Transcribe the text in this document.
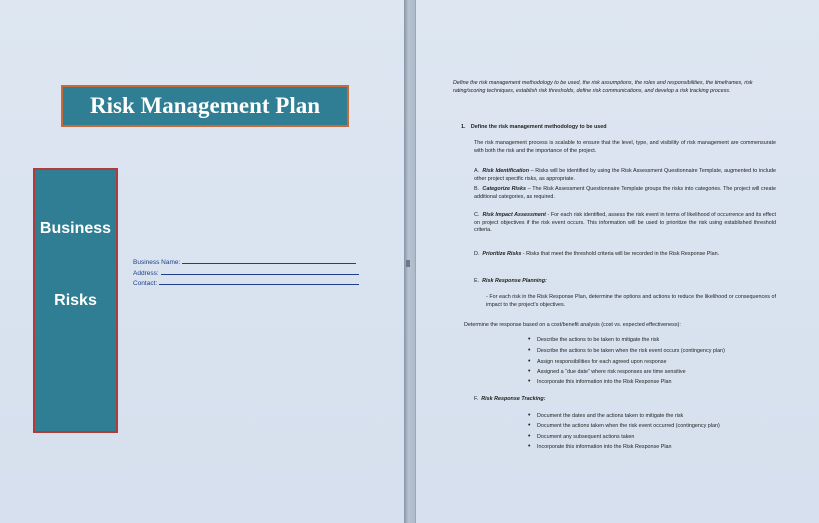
Risk Management Plan
Business
Risks
Business Name:
Address:
Contact:
Define the risk management methodology to be used, the risk assumptions, the roles and responsibilities, the timeframes, risk rating/scoring techniques, establish risk thresholds, define risk communications, and develop a risk tracking process.
1. Define the risk management methodology to be used
The risk management process is scalable to ensure that the level, type, and visibility of risk management are commensurate with both the risk and the importance of the project.
A.  Risk Identification – Risks will be identified by using the Risk Assessment Questionnaire Template, augmented to include other project specific risks, as appropriate.
B.  Categorize Risks – The Risk Assessment Questionnaire Template groups the risks into categories. The project will create additional categories, as required.
C.  Risk Impact Assessment - For each risk identified, assess the risk event in terms of likelihood of occurrence and its effect on project objectives if the risk event occurs. This information will be used to prioritize the risk using established threshold criteria.
D.  Prioritize Risks - Risks that meet the threshold criteria will be recorded in the Risk Response Plan.
E.  Risk Response Planning:
- For each risk in the Risk Response Plan, determine the options and actions to reduce the likelihood or consequences of impact to the project's objectives.
Determine the response based on a cost/benefit analysis (cost vs. expected effectiveness):
• Describe the actions to be taken to mitigate the risk
• Describe the actions to be taken when the risk event occurs (contingency plan)
• Assign responsibilities for each agreed upon response
• Assigned a “due date” where risk responses are time sensitive
• Incorporate this information into the Risk Response Plan
F.  Risk Response Tracking:
• Document the dates and the actions taken to mitigate the risk
• Document the actions taken when the risk event occurred (contingency plan)
• Document any subsequent actions taken
• Incorporate this information into the Risk Response Plan
